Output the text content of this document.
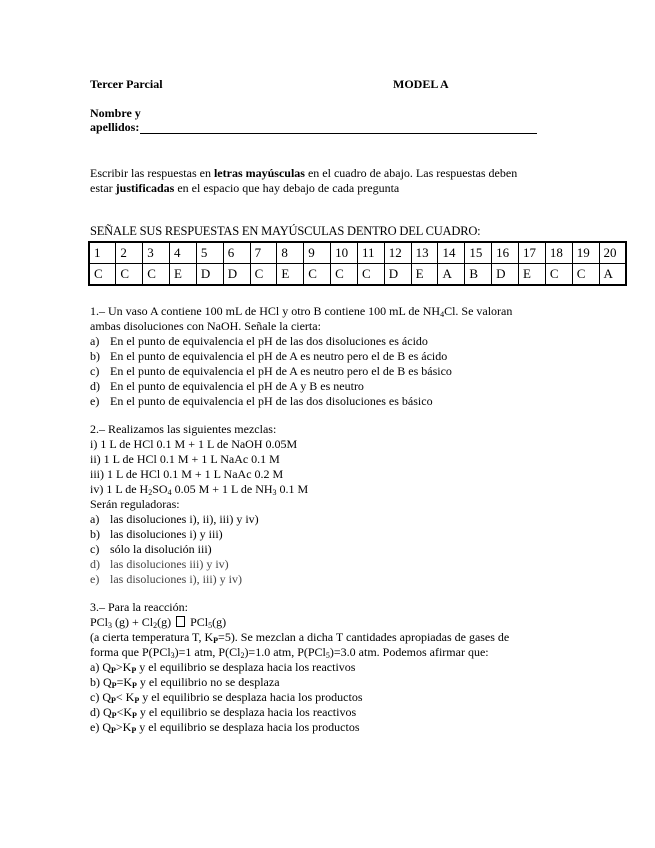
Tercer Parcial	MODEL A
Nombre y
apellidos:
Escribir las respuestas en letras mayúsculas en el cuadro de abajo. Las respuestas deben
estar justificadas en el espacio que hay debajo de cada pregunta
SEÑALE SUS RESPUESTAS EN MAYÚSCULAS DENTRO DEL CUADRO:
1	2	3	4	5	6	7	8	9	10	11	12	13	14	15	16	17	18	19	20
C	C	C	E	D	D	C	E	C	C	C	D	E	A	B	D	E	C	C	A
1.– Un vaso A contiene 100 mL de HCl y otro B contiene 100 mL de $NH_4Cl$. Se valoran
ambas disoluciones con NaOH. Señale la cierta:
a) En el punto de equivalencia el pH de las dos disoluciones es ácido
b) En el punto de equivalencia el pH de A es neutro pero el de B es ácido
c) En el punto de equivalencia el pH de A es neutro pero el de B es básico
d) En el punto de equivalencia el pH de A y B es neutro
e) En el punto de equivalencia el pH de las dos disoluciones es básico
2.– Realizamos las siguientes mezclas:
i) 1 L de HCl 0.1 M + 1 L de NaOH 0.05M
ii) 1 L de HCl 0.1 M + 1 L NaAc 0.1 M
iii) 1 L de HCl 0.1 M + 1 L NaAc 0.2 M
iv) 1 L de $H_2SO_4$ 0.05 M + 1 L de $NH_3$ 0.1 M
Serán reguladoras:
a) las disoluciones i), ii), iii) y iv)
b) las disoluciones i) y iii)
c) sólo la disolución iii)
d) las disoluciones iii) y iv)
e) las disoluciones i), iii) y iv)
3.– Para la reacción:
PCl$_3$ $(g) + Cl_2(g)$  PCl$_5$(g)
(a cierta temperatura T, $K_P=5$). Se mezclan a dicha T cantidades apropiadas de gases de
forma que P(PCl$_3$)=1 atm, $P(Cl_2)=1.0$ atm, P(PCl$_5$)=3.0 atm. Podemos afirmar que:
a) $Q_P>K_P$ y el equilibrio se desplaza hacia los reactivos
b) $Q_P=K_P$ y el equilibrio no se desplaza
c) $Q_P< K_P$ y el equilibrio se desplaza hacia los productos
d) $Q_P<K_P$ y el equilibrio se desplaza hacia los reactivos
e) $Q_P>K_P$ y el equilibrio se desplaza hacia los productos
